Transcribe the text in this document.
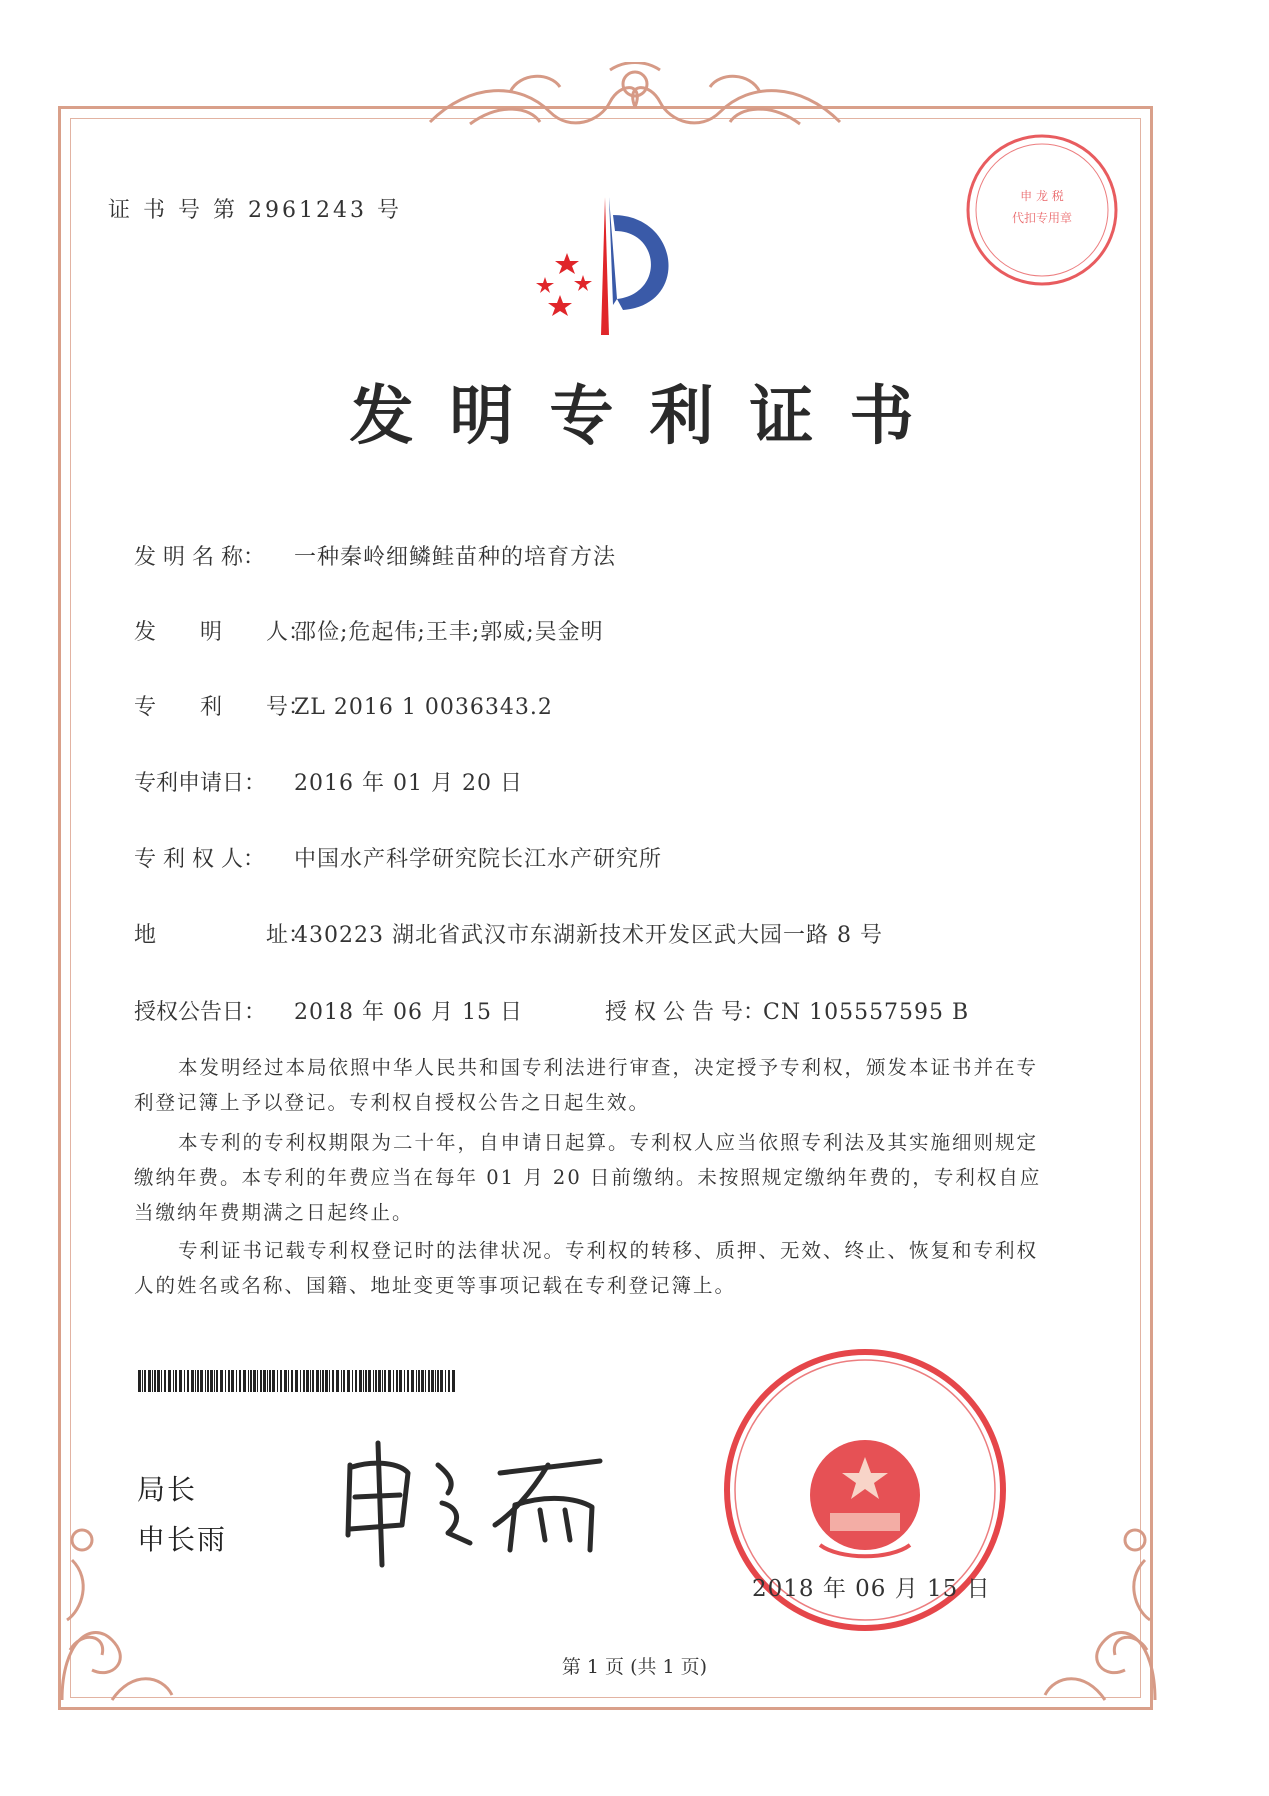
证 书 号 第 2961243 号
申 龙 税
代扣专用章
发明专利证书
发 明 名 称： 一种秦岭细鳞鲑苗种的培育方法
发　　明　　人：邵俭;危起伟;王丰;郭威;吴金明
专　　利　　号：ZL 2016 1 0036343.2
专利申请日： 2016 年 01 月 20 日
专 利 权 人： 中国水产科学研究院长江水产研究所
地　　　　　址：430223 湖北省武汉市东湖新技术开发区武大园一路 8 号
授权公告日： 2018 年 06 月 15 日	授 权 公 告 号：CN 105557595 B
本发明经过本局依照中华人民共和国专利法进行审查，决定授予专利权，颁发本证书并在专利登记簿上予以登记。专利权自授权公告之日起生效。
本专利的专利权期限为二十年，自申请日起算。专利权人应当依照专利法及其实施细则规定缴纳年费。本专利的年费应当在每年 01 月 20 日前缴纳。未按照规定缴纳年费的，专利权自应当缴纳年费期满之日起终止。
专利证书记载专利权登记时的法律状况。专利权的转移、质押、无效、终止、恢复和专利权人的姓名或名称、国籍、地址变更等事项记载在专利登记簿上。
局长
申长雨
2018 年 06 月 15 日
第 1 页 (共 1 页)
